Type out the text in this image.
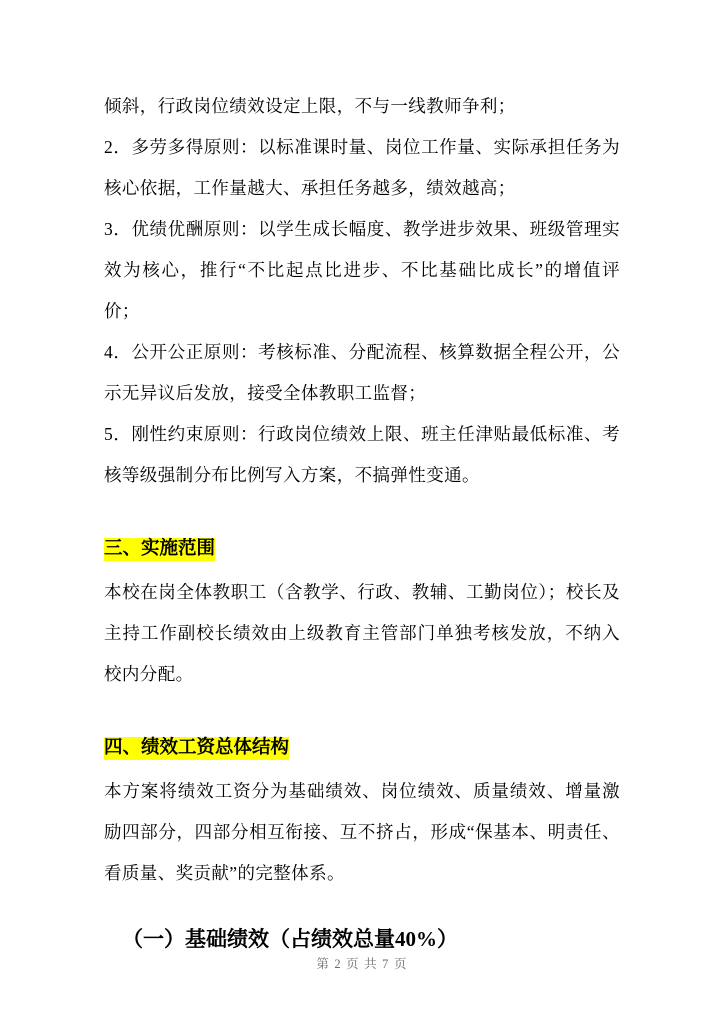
倾斜，行政岗位绩效设定上限，不与一线教师争利；

2．多劳多得原则：以标准课时量、岗位工作量、实际承担任务为核心依据，工作量越大、承担任务越多，绩效越高；

3．优绩优酬原则：以学生成长幅度、教学进步效果、班级管理实效为核心，推行“不比起点比进步、不比基础比成长”的增值评价；

4．公开公正原则：考核标准、分配流程、核算数据全程公开，公示无异议后发放，接受全体教职工监督；

5．刚性约束原则：行政岗位绩效上限、班主任津贴最低标准、考核等级强制分布比例写入方案，不搞弹性变通。

三、实施范围

本校在岗全体教职工（含教学、行政、教辅、工勤岗位）；校长及主持工作副校长绩效由上级教育主管部门单独考核发放，不纳入校内分配。

四、绩效工资总体结构

本方案将绩效工资分为基础绩效、岗位绩效、质量绩效、增量激励四部分，四部分相互衔接、互不挤占，形成“保基本、明责任、看质量、奖贡献”的完整体系。

（一）基础绩效（占绩效总量40%）

第 2 页 共 7 页
